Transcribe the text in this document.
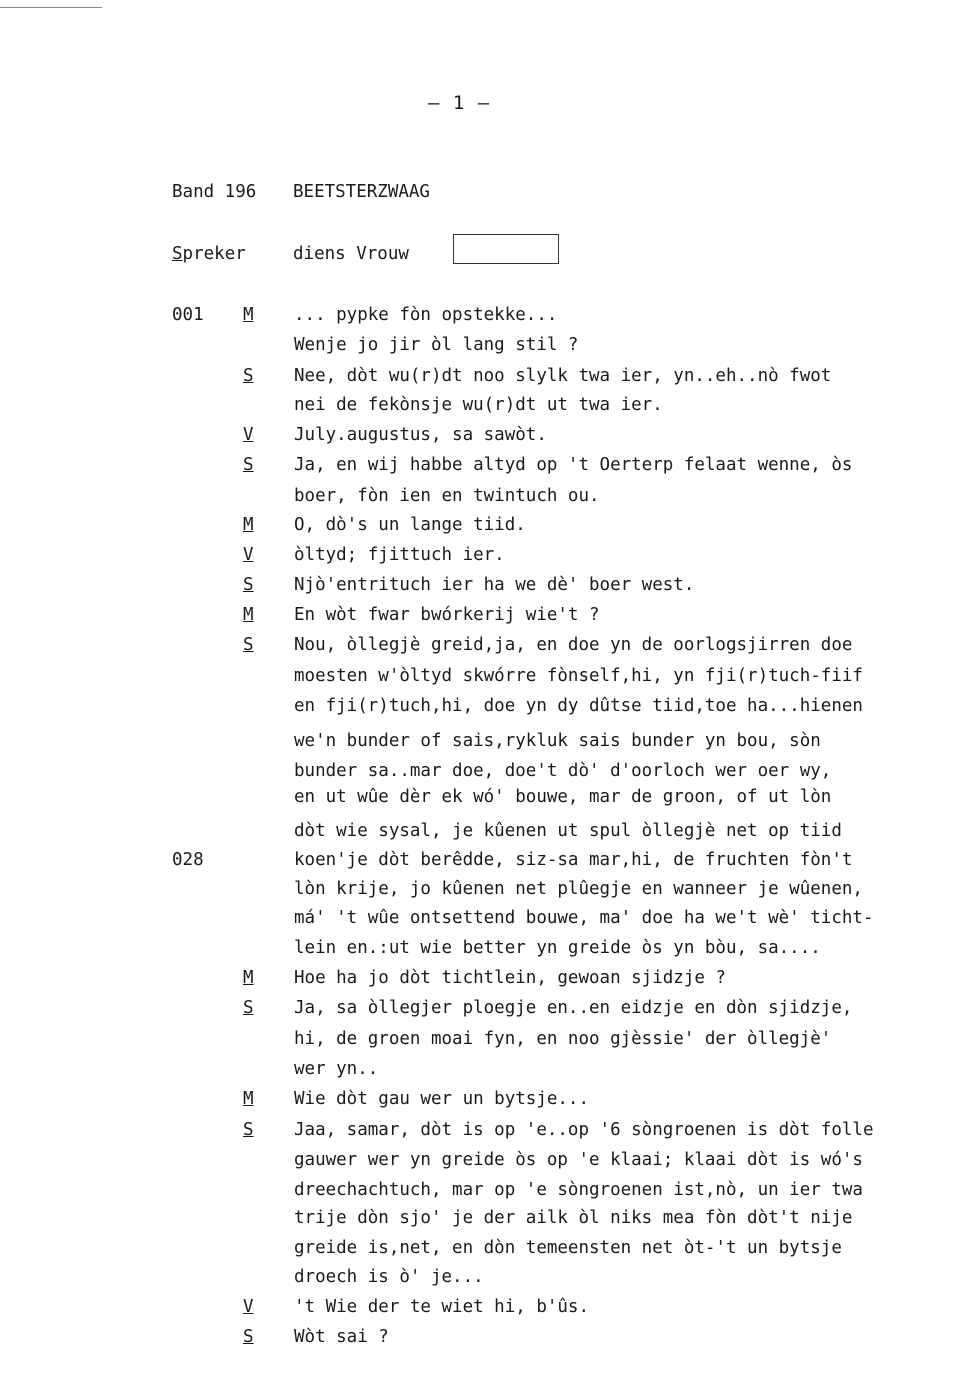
– 1 –
Band 196 BEETSTERZWAAG
Spreker	diens Vrouw
001 M ... pypke fòn opstekke...
Wenje jo jir òl lang stil ?
S Nee, dòt wu(r)dt noo slylk twa ier, yn..eh..nò fwot
nei de fekònsje wu(r)dt ut twa ier.
V July.augustus, sa sawòt.
S Ja, en wij habbe altyd op 't Oerterp felaat wenne, òs
boer, fòn ien en twintuch ou.
M O, dò's un lange tiid.
V òltyd; fjittuch ier.
S Njò'entrituch ier ha we dè' boer west.
M En wòt fwar bwórkerij wie't ?
S Nou, òllegjè greid,ja, en doe yn de oorlogsjirren doe
moesten w'òltyd skwórre fònself,hi, yn fji(r)tuch-fiif
en fji(r)tuch,hi, doe yn dy dûtse tiid,toe ha...hienen
we'n bunder of sais,rykluk sais bunder yn bou, sòn
bunder sa..mar doe, doe't dò' d'oorloch wer oer wy,
en ut wûe dèr ek wó' bouwe, mar de groon, of ut lòn
dòt wie sysal, je kûenen ut spul òllegjè net op tiid
028	koen'je dòt berêdde, siz-sa mar,hi, de fruchten fòn't
lòn krije, jo kûenen net plûegje en wanneer je wûenen,
má' 't wûe ontsettend bouwe, ma' doe ha we't wè' ticht-
lein en.:ut wie better yn greide òs yn bòu, sa....
M Hoe ha jo dòt tichtlein, gewoan sjidzje ?
S Ja, sa òllegjer ploegje en..en eidzje en dòn sjidzje,
hi, de groen moai fyn, en noo gjèssie' der òllegjè'
wer yn..
M Wie dòt gau wer un bytsje...
S Jaa, samar, dòt is op 'e..op '6 sòngroenen is dòt folle
gauwer wer yn greide òs op 'e klaai; klaai dòt is wó's
dreechachtuch, mar op 'e sòngroenen ist,nò, un ier twa
trije dòn sjo' je der ailk òl niks mea fòn dòt't nije
greide is,net, en dòn temeensten net òt-'t un bytsje
droech is ò' je...
V 't Wie der te wiet hi, b'ûs.
S Wòt sai ?
